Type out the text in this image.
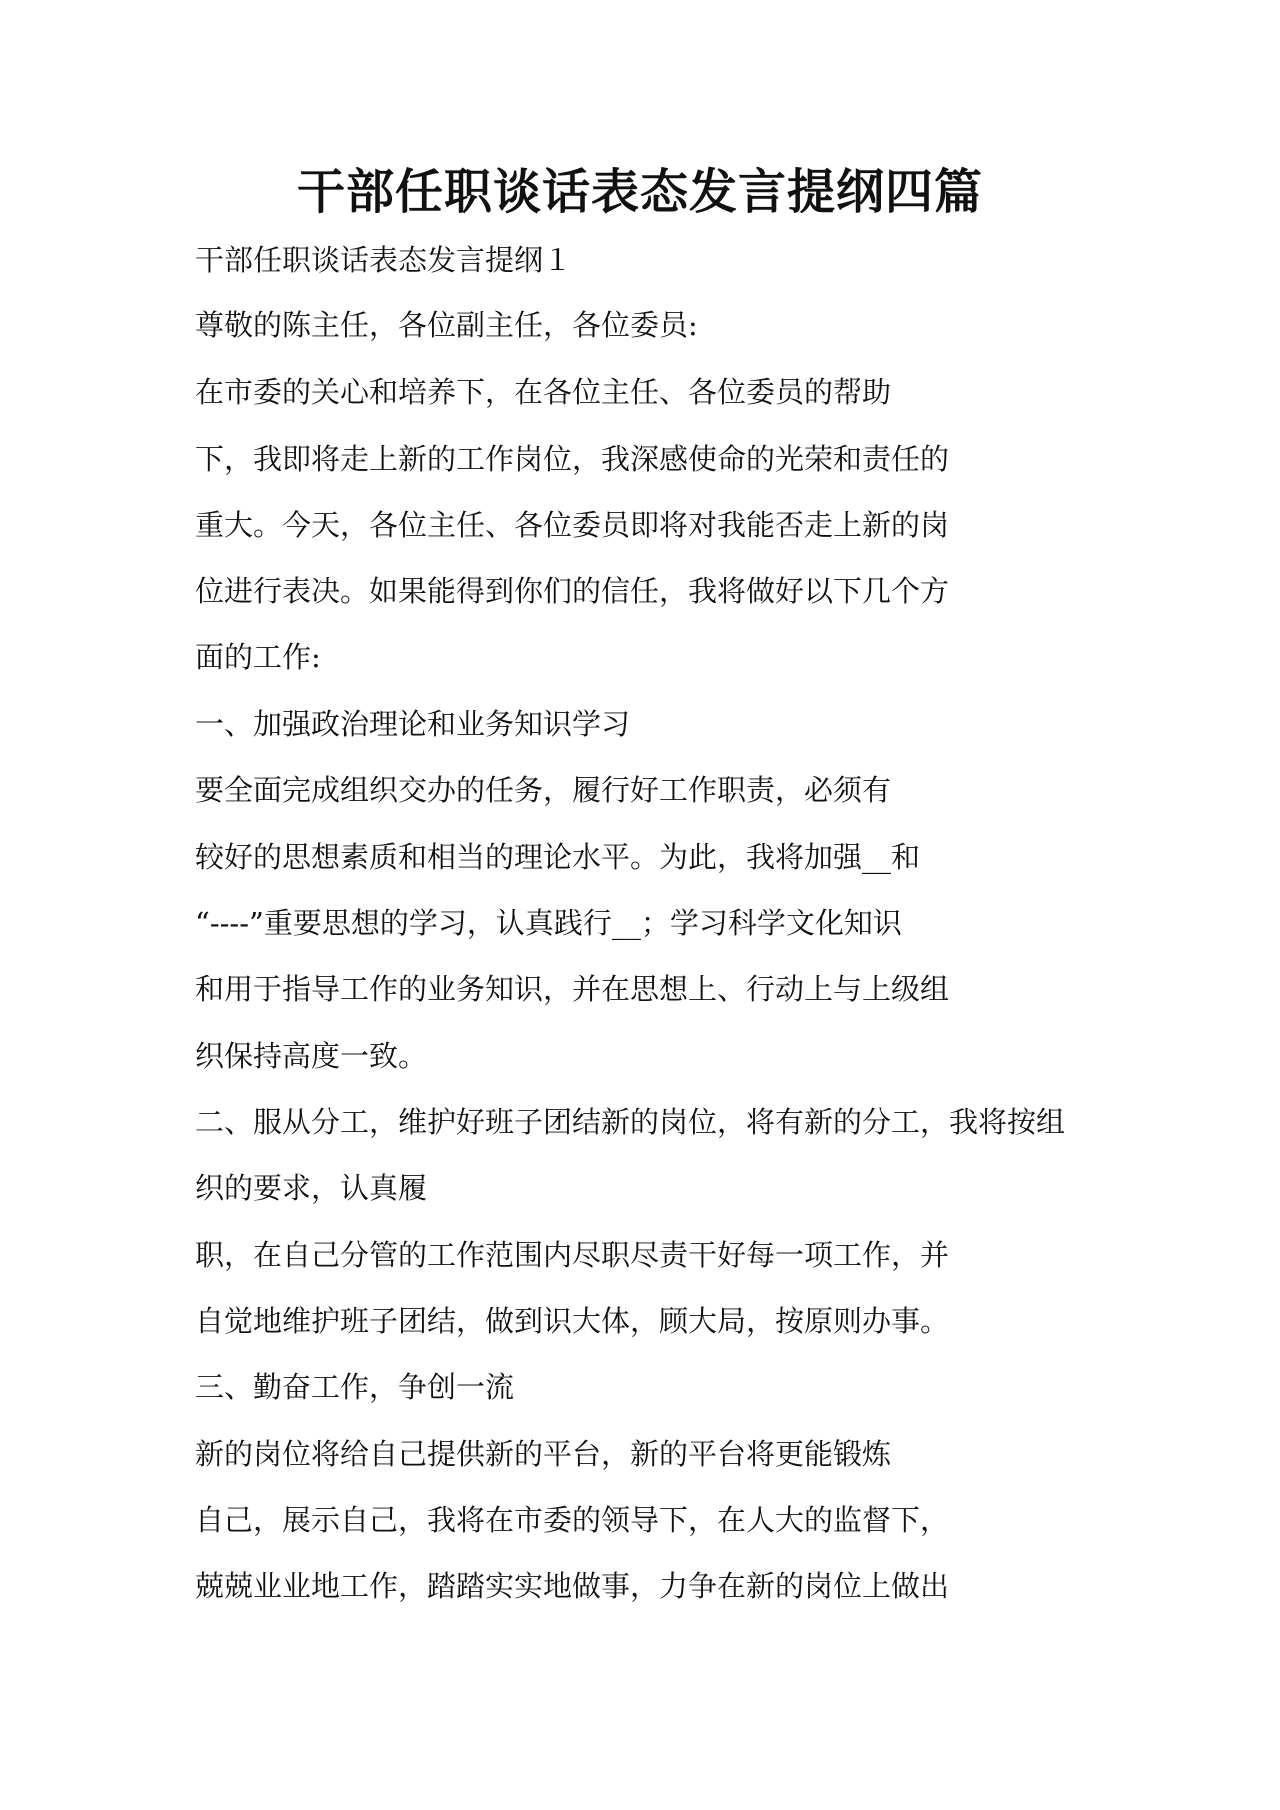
干部任职谈话表态发言提纲四篇

干部任职谈话表态发言提纲１

尊敬的陈主任，各位副主任，各位委员:

在市委的关心和培养下，在各位主任、各位委员的帮助

下，我即将走上新的工作岗位，我深感使命的光荣和责任的

重大。今天，各位主任、各位委员即将对我能否走上新的岗

位进行表决。如果能得到你们的信任，我将做好以下几个方

面的工作:

一、加强政治理论和业务知识学习

要全面完成组织交办的任务，履行好工作职责，必须有

较好的思想素质和相当的理论水平。为此，我将加强__和

“----”重要思想的学习，认真践行__；学习科学文化知识

和用于指导工作的业务知识，并在思想上、行动上与上级组

织保持高度一致。

二、服从分工，维护好班子团结新的岗位，将有新的分工，我将按组

织的要求，认真履

职，在自己分管的工作范围内尽职尽责干好每一项工作，并

自觉地维护班子团结，做到识大体，顾大局，按原则办事。

三、勤奋工作，争创一流

新的岗位将给自己提供新的平台，新的平台将更能锻炼

自己，展示自己，我将在市委的领导下，在人大的监督下，

兢兢业业地工作，踏踏实实地做事，力争在新的岗位上做出
